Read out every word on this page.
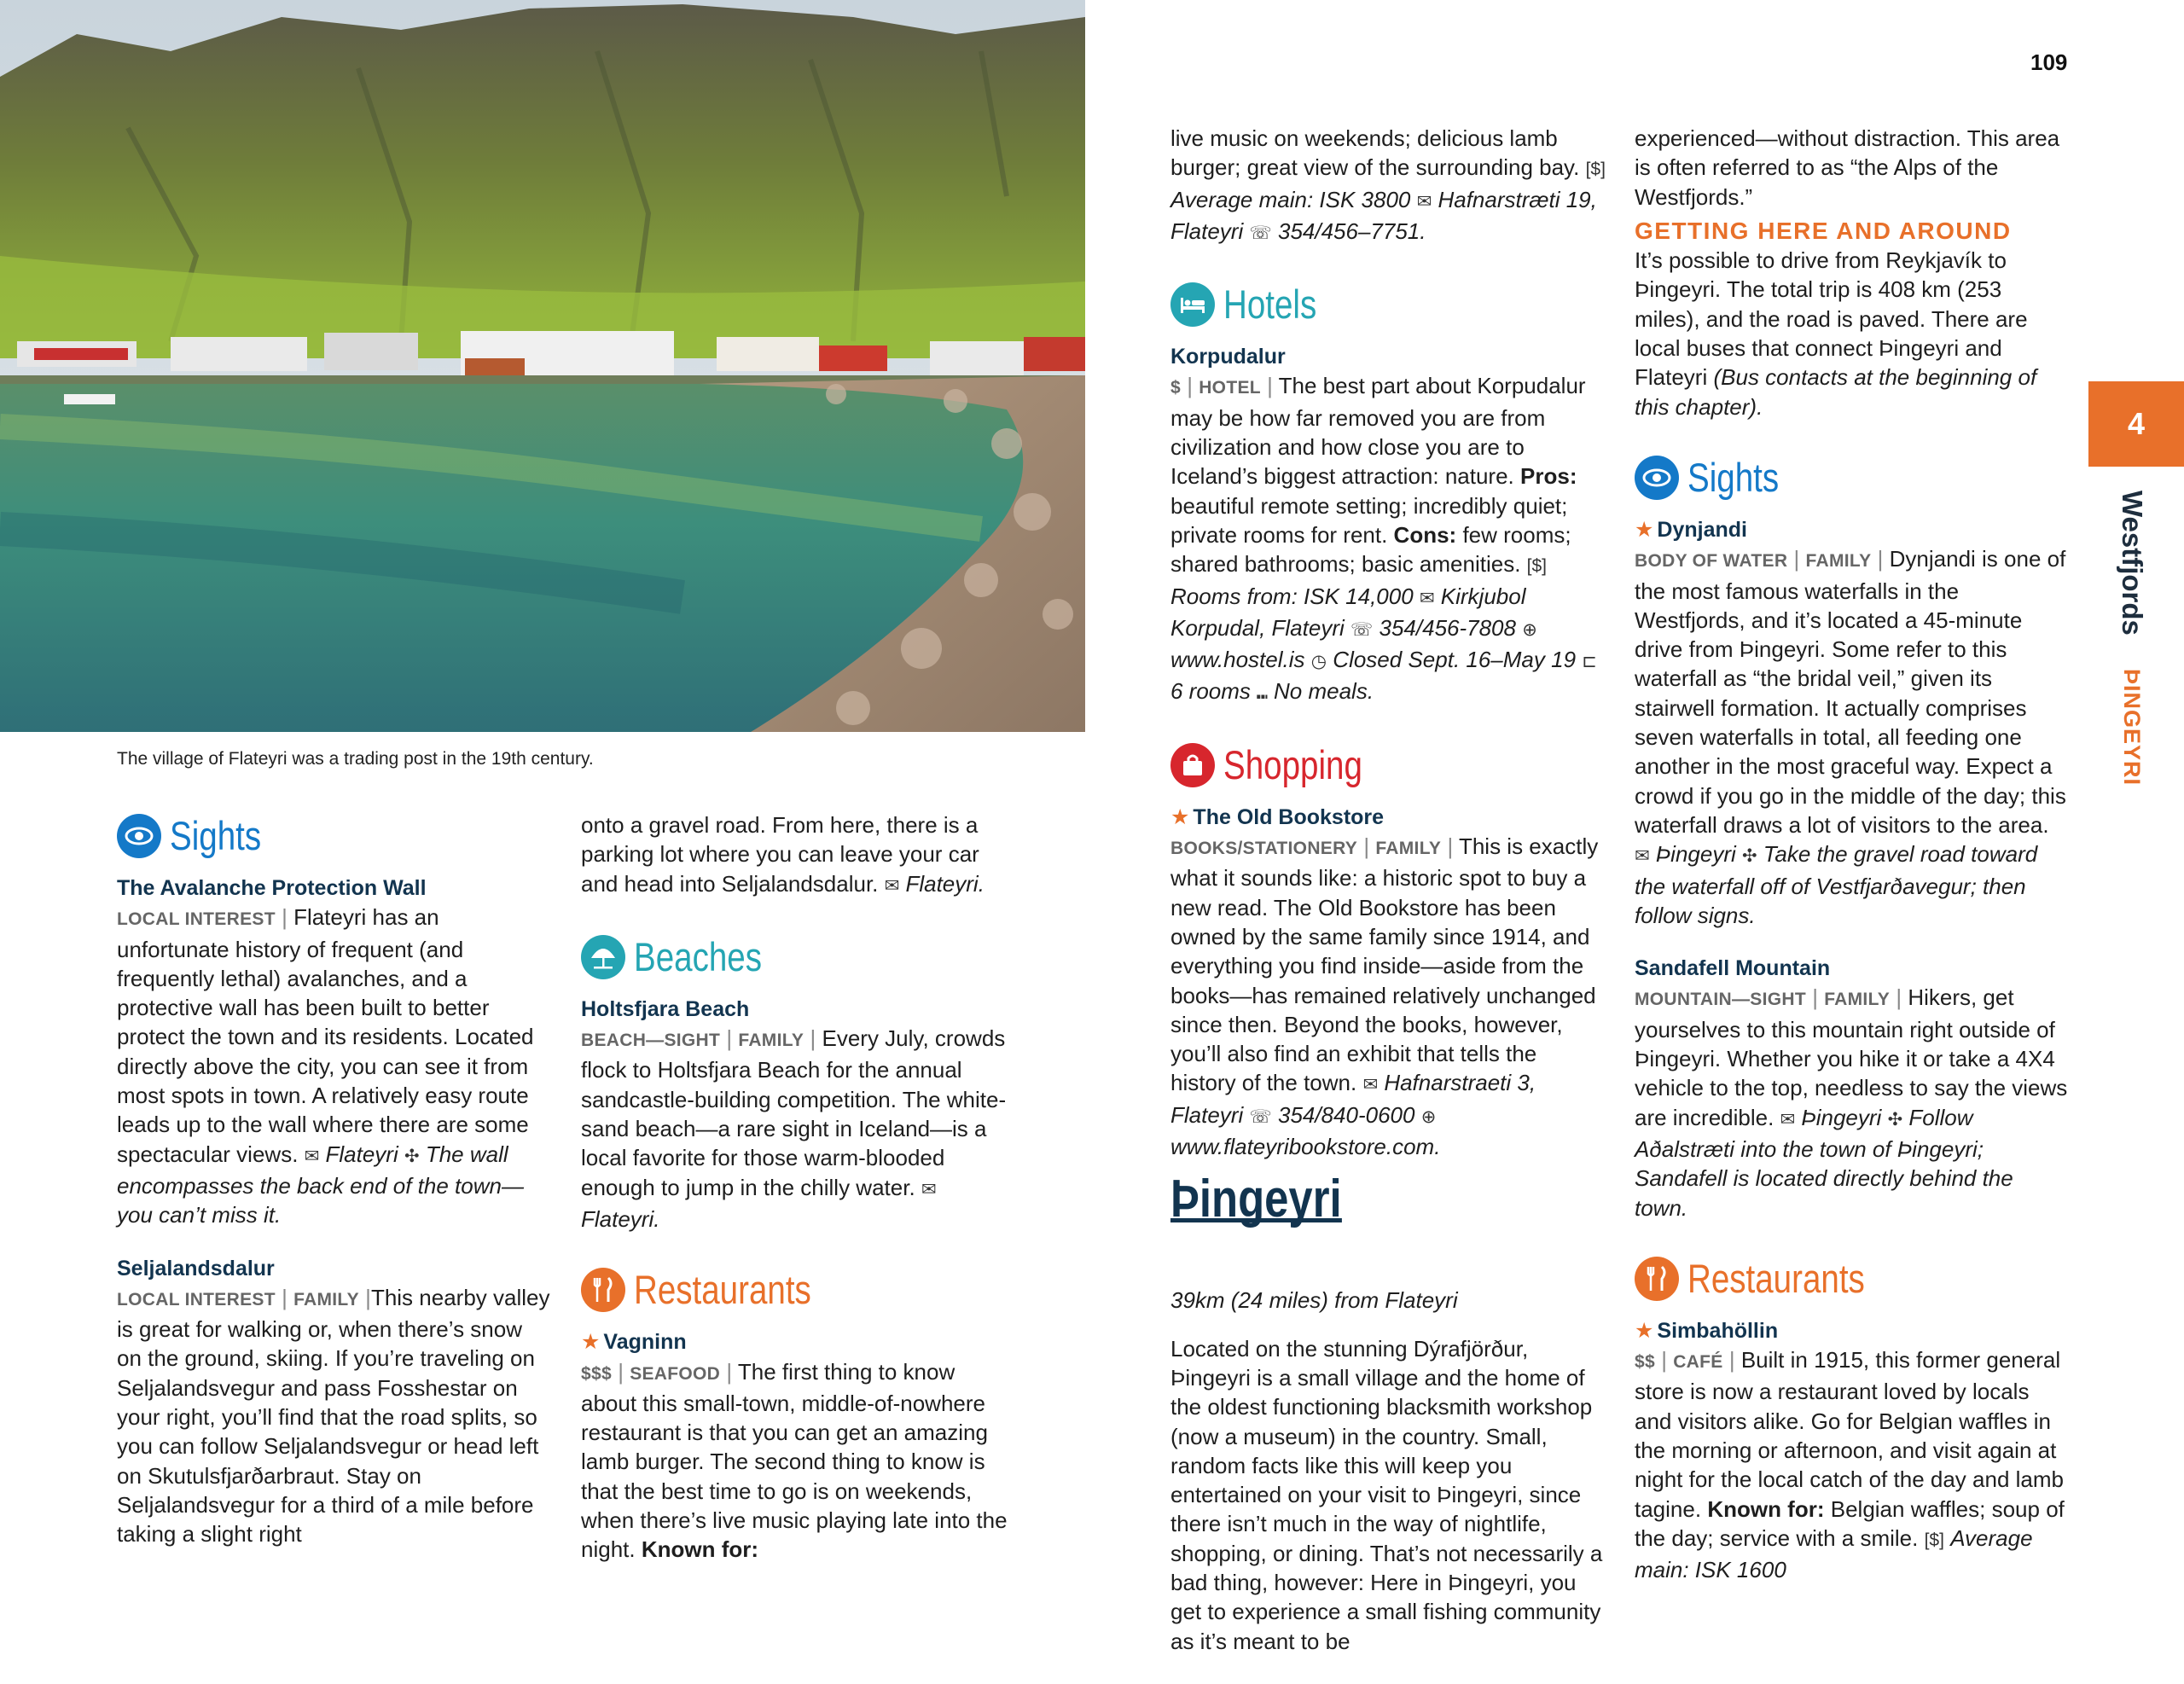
The village of Flateyri was a trading post in the 19th century.
109
4
Westfjords ÞINGEYRI
Sights
The Avalanche Protection Wall

LOCAL INTEREST | Flateyri has an unfortunate history of frequent (and frequently lethal) avalanches, and a protective wall has been built to better protect the town and its residents. Located directly above the city, you can see it from most spots in town. A relatively easy route leads up to the wall where there are some spectacular views. ✉ Flateyri ✣ The wall encompasses the back end of the town—you can’t miss it.

Seljalandsdalur

LOCAL INTEREST | FAMILY |This nearby valley is great for walking or, when there’s snow on the ground, skiing. If you’re traveling on Seljalandsvegur and pass Fosshestar on your right, you’ll find that the road splits, so you can follow Seljalandsvegur or head left on Skutulsfjarðarbraut. Stay on Seljalandsvegur for a third of a mile before taking a slight right

onto a gravel road. From here, there is a parking lot where you can leave your car and head into Seljalandsdalur. ✉ Flateyri.

Beaches
Holtsfjara Beach

BEACH—SIGHT | FAMILY | Every July, crowds flock to Holtsfjara Beach for the annual sandcastle-building competition. The white-sand beach—a rare sight in Iceland—is a local favorite for those warm-blooded enough to jump in the chilly water. ✉ Flateyri.

Restaurants
★ Vagninn

$$$ | SEAFOOD | The first thing to know about this small-town, middle-of-nowhere restaurant is that you can get an amazing lamb burger. The second thing to know is that the best time to go is on weekends, when there’s live music playing late into the night. Known for:

live music on weekends; delicious lamb burger; great view of the surrounding bay. [$] Average main: ISK 3800 ✉ Hafnarstræti 19, Flateyri ☏ 354/456–7751.

Hotels
Korpudalur

$ | HOTEL | The best part about Korpudalur may be how far removed you are from civilization and how close you are to Iceland’s biggest attraction: nature. Pros: beautiful remote setting; incredibly quiet; private rooms for rent. Cons: few rooms; shared bathrooms; basic amenities. [$] Rooms from: ISK 14,000 ✉ Kirkjubol Korpudal, Flateyri ☏ 354/456-7808 ⊕ www.hostel.is ◷ Closed Sept. 16–May 19 ⊏ 6 rooms ⑉ No meals.

Shopping
★ The Old Bookstore

BOOKS/STATIONERY | FAMILY | This is exactly what it sounds like: a historic spot to buy a new read. The Old Bookstore has been owned by the same family since 1914, and everything you find inside—aside from the books—has remained relatively unchanged since then. Beyond the books, however, you’ll also find an exhibit that tells the history of the town. ✉ Hafnarstraeti 3, Flateyri ☏ 354/840-0600 ⊕ www.flateyribookstore.com.

Þingeyri
39km (24 miles) from Flateyri

Located on the stunning Dýrafjörður, Þingeyri is a small village and the home of the oldest functioning blacksmith workshop (now a museum) in the country. Small, random facts like this will keep you entertained on your visit to Þingeyri, since there isn’t much in the way of nightlife, shopping, or dining. That’s not necessarily a bad thing, however: Here in Þingeyri, you get to experience a small fishing community as it’s meant to be

experienced—without distraction. This area is often referred to as “the Alps of the Westfjords.”
GETTING HERE AND AROUND

It’s possible to drive from Reykjavík to Þingeyri. The total trip is 408 km (253 miles), and the road is paved. There are local buses that connect Þingeyri and Flateyri (Bus contacts at the beginning of this chapter).

Sights
★ Dynjandi

BODY OF WATER | FAMILY | Dynjandi is one of the most famous waterfalls in the Westfjords, and it’s located a 45-minute drive from Þingeyri. Some refer to this waterfall as “the bridal veil,” given its stairwell formation. It actually comprises seven waterfalls in total, all feeding one another in the most graceful way. Expect a crowd if you go in the middle of the day; this waterfall draws a lot of visitors to the area. ✉ Þingeyri ✣ Take the gravel road toward the waterfall off of Vestfjarðavegur; then follow signs.

Sandafell Mountain

MOUNTAIN—SIGHT | FAMILY | Hikers, get yourselves to this mountain right outside of Þingeyri. Whether you hike it or take a 4X4 vehicle to the top, needless to say the views are incredible. ✉ Þingeyri ✣ Follow Aðalstræti into the town of Þingeyri; Sandafell is located directly behind the town.

Restaurants
★ Simbahöllin

$$ | CAFÉ | Built in 1915, this former general store is now a restaurant loved by locals and visitors alike. Go for Belgian waffles in the morning or afternoon, and visit again at night for the local catch of the day and lamb tagine. Known for: Belgian waffles; soup of the day; service with a smile. [$] Average main: ISK 1600
